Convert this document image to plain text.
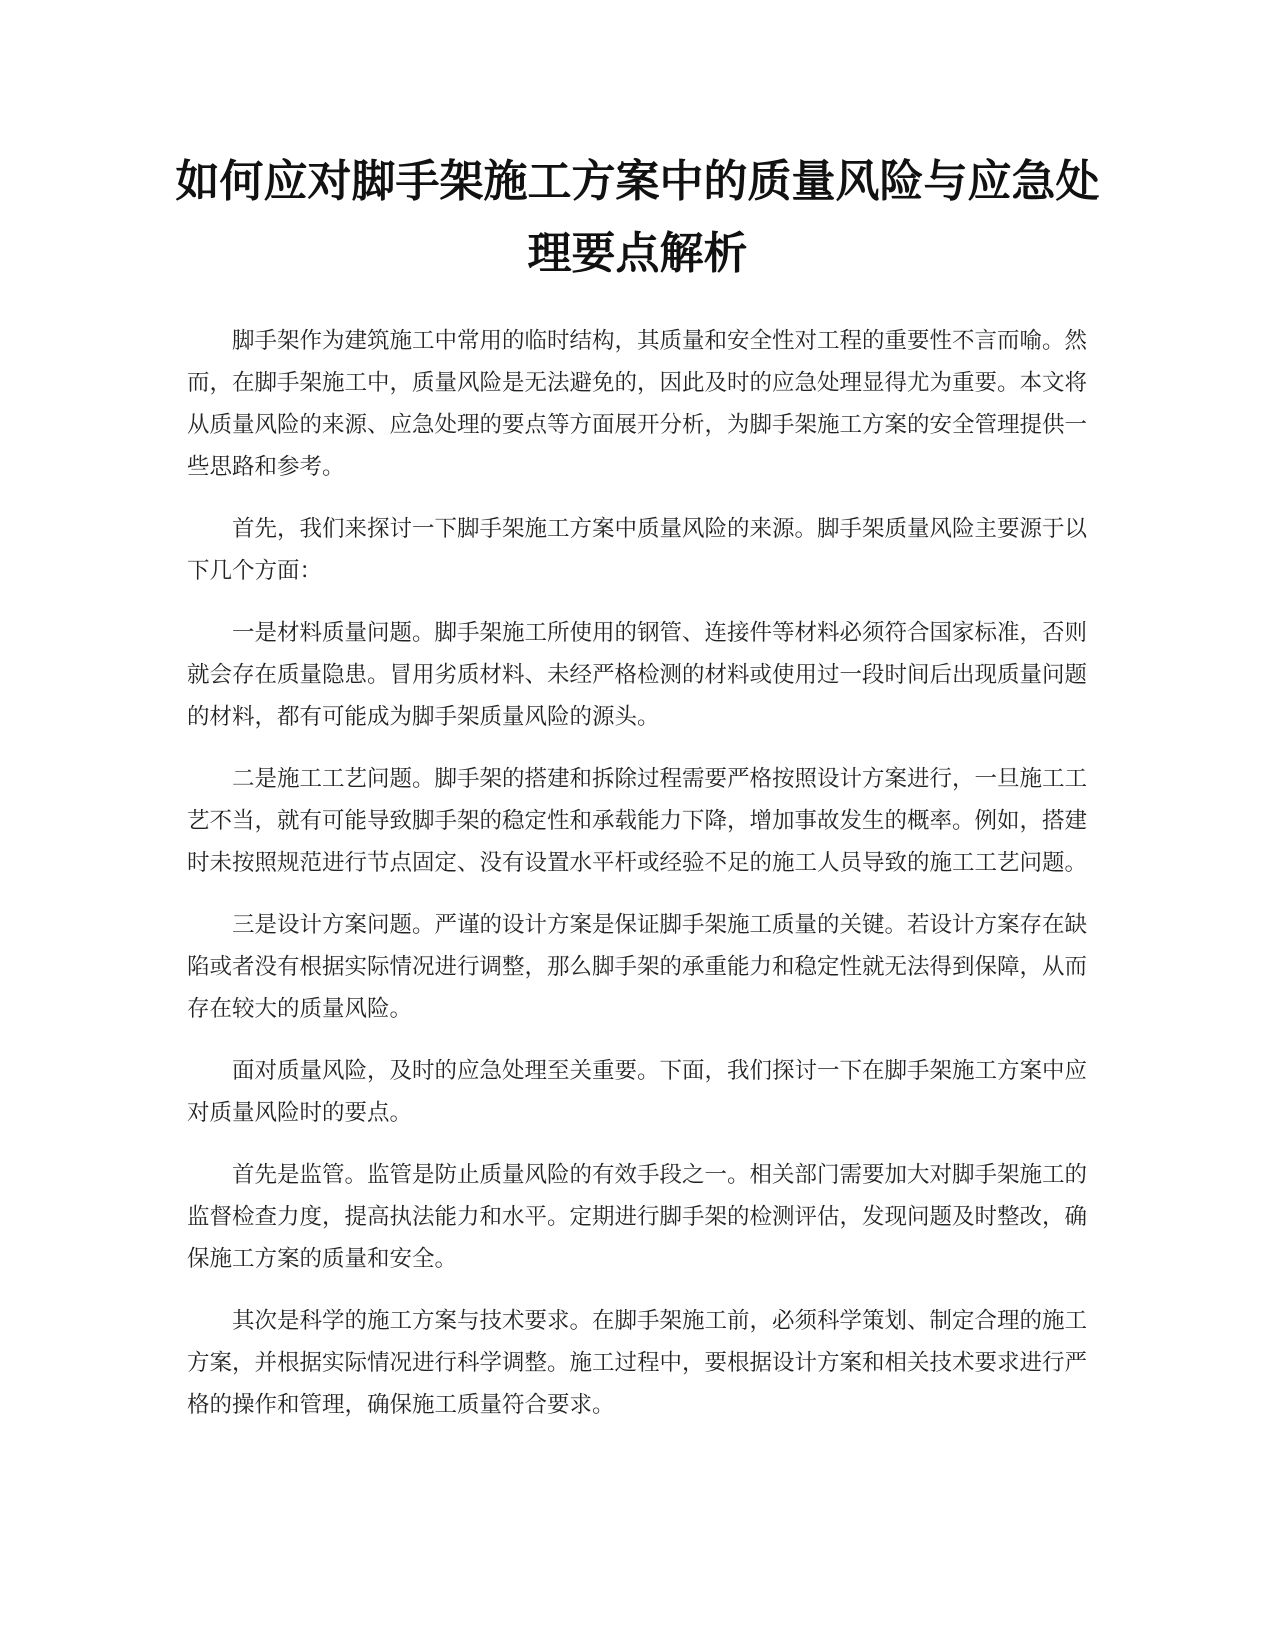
如何应对脚手架施工方案中的质量风险与应急处理要点解析

脚手架作为建筑施工中常用的临时结构，其质量和安全性对工程的重要性不言而喻。然而，在脚手架施工中，质量风险是无法避免的，因此及时的应急处理显得尤为重要。本文将从质量风险的来源、应急处理的要点等方面展开分析，为脚手架施工方案的安全管理提供一些思路和参考。

首先，我们来探讨一下脚手架施工方案中质量风险的来源。脚手架质量风险主要源于以下几个方面：

一是材料质量问题。脚手架施工所使用的钢管、连接件等材料必须符合国家标准，否则就会存在质量隐患。冒用劣质材料、未经严格检测的材料或使用过一段时间后出现质量问题的材料，都有可能成为脚手架质量风险的源头。

二是施工工艺问题。脚手架的搭建和拆除过程需要严格按照设计方案进行，一旦施工工艺不当，就有可能导致脚手架的稳定性和承载能力下降，增加事故发生的概率。例如，搭建时未按照规范进行节点固定、没有设置水平杆或经验不足的施工人员导致的施工工艺问题。

三是设计方案问题。严谨的设计方案是保证脚手架施工质量的关键。若设计方案存在缺陷或者没有根据实际情况进行调整，那么脚手架的承重能力和稳定性就无法得到保障，从而存在较大的质量风险。

面对质量风险，及时的应急处理至关重要。下面，我们探讨一下在脚手架施工方案中应对质量风险时的要点。

首先是监管。监管是防止质量风险的有效手段之一。相关部门需要加大对脚手架施工的监督检查力度，提高执法能力和水平。定期进行脚手架的检测评估，发现问题及时整改，确保施工方案的质量和安全。

其次是科学的施工方案与技术要求。在脚手架施工前，必须科学策划、制定合理的施工方案，并根据实际情况进行科学调整。施工过程中，要根据设计方案和相关技术要求进行严格的操作和管理，确保施工质量符合要求。
